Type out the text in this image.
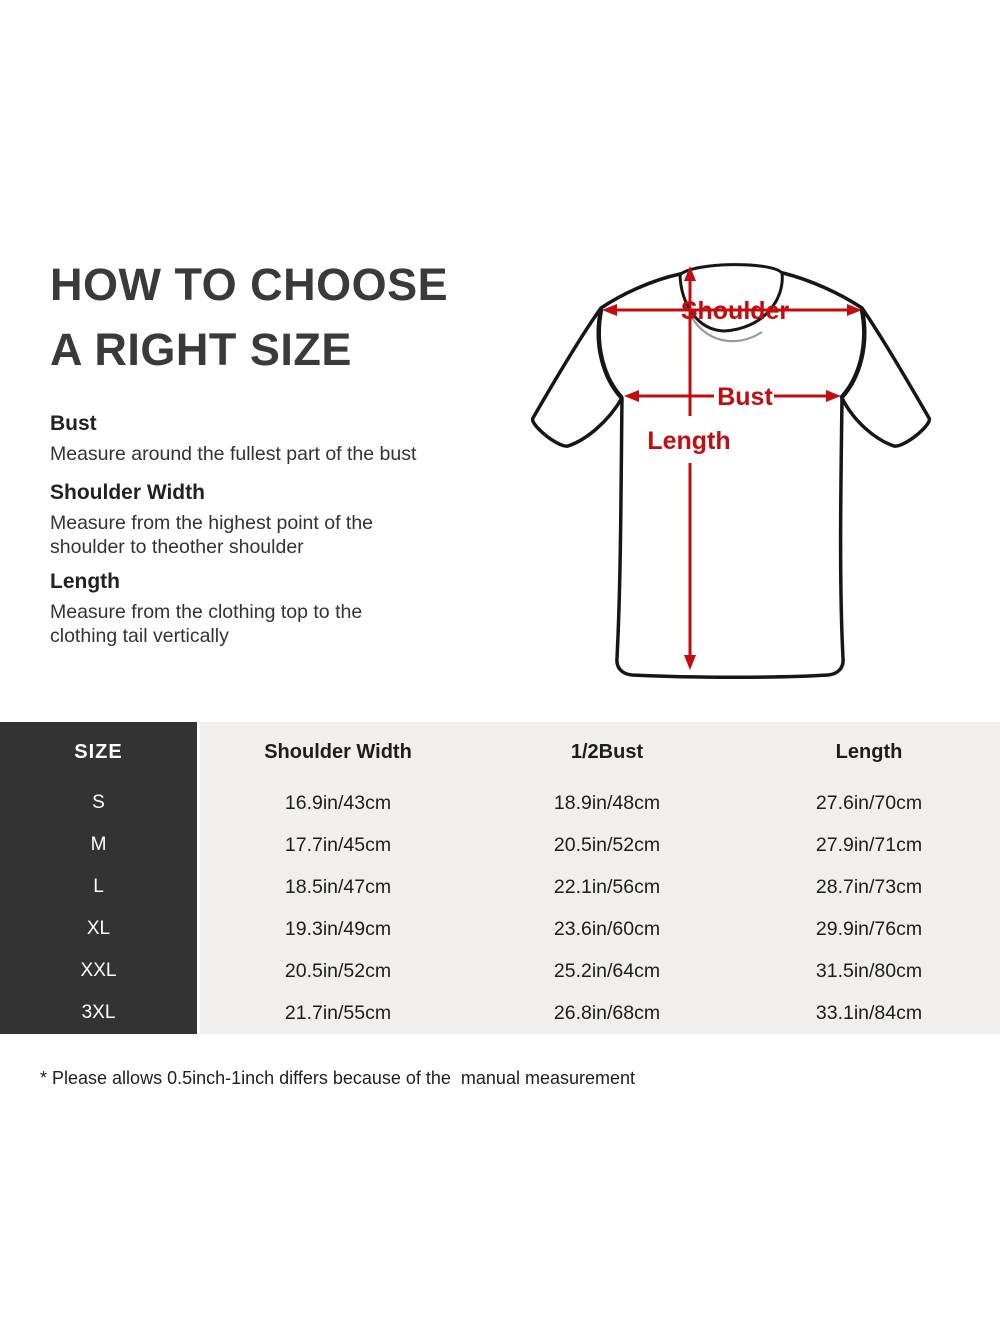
HOW TO CHOOSE
A RIGHT SIZE
Bust
Measure around the fullest part of the bust
Shoulder Width
Measure from the highest point of the
shoulder to theother shoulder
Length
Measure from the clothing top to the
clothing tail vertically
Shoulder
Bust
Length
SIZE	Shoulder Width	1/2Bust	Length
S	16.9in/43cm	18.9in/48cm	27.6in/70cm
M	17.7in/45cm	20.5in/52cm	27.9in/71cm
L	18.5in/47cm	22.1in/56cm	28.7in/73cm
XL	19.3in/49cm	23.6in/60cm	29.9in/76cm
XXL	20.5in/52cm	25.2in/64cm	31.5in/80cm
3XL	21.7in/55cm	26.8in/68cm	33.1in/84cm
* Please allows 0.5inch-1inch differs because of the  manual measurement
